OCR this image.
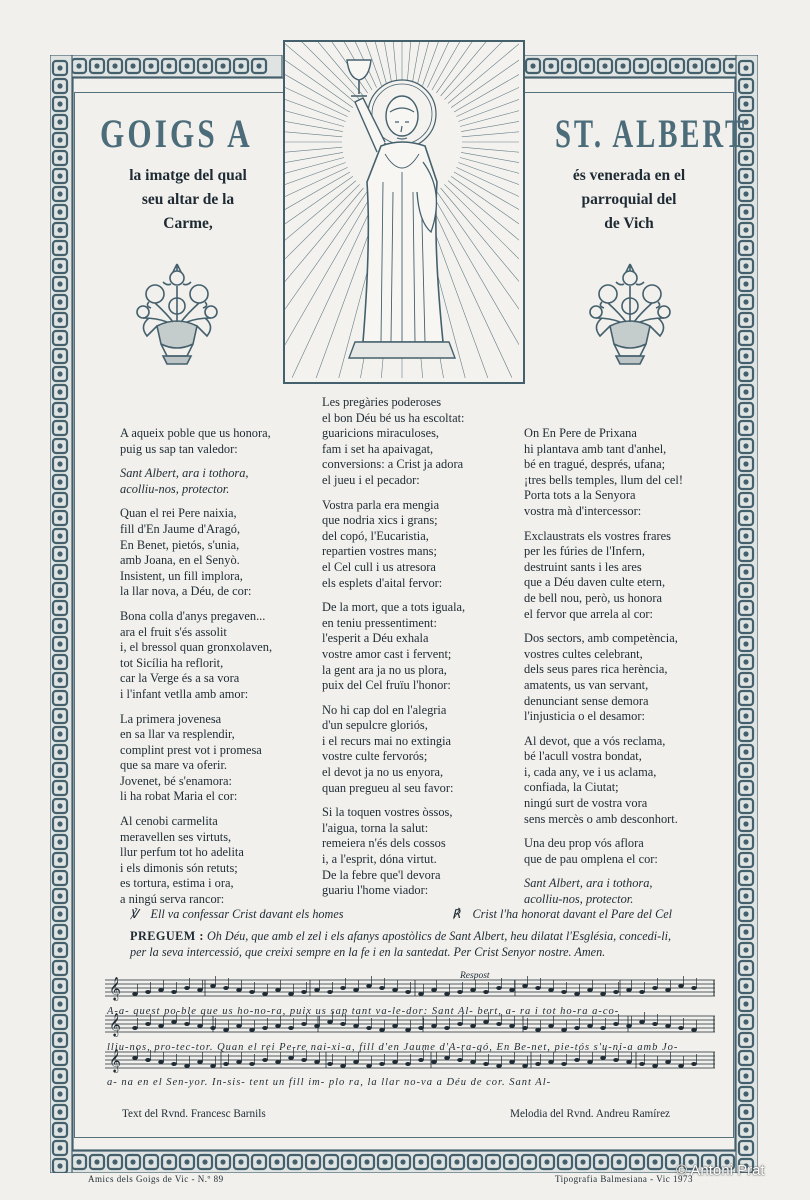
GOIGS A	ST. ALBERT
la imatge del qual
seu altar de la
Carme,
és venerada en el
parroquial del
de Vich

A aqueix poble que us honora,

puig us sap tan valedor:

Sant Albert, ara i tothora,

acolliu-nos, protector.

Quan el rei Pere naixia,

fill d'En Jaume d'Aragó,

En Benet, pietós, s'unia,

amb Joana, en el Senyò.

Insistent, un fill implora,

la llar nova, a Déu, de cor:

Bona colla d'anys pregaven...

ara el fruit s'és assolit

i, el bressol quan gronxolaven,

tot Sicília ha reflorit,

car la Verge és a sa vora

i l'infant vetlla amb amor:

La primera jovenesa

en sa llar va resplendir,

complint prest vot i promesa

que sa mare va oferir.

Jovenet, bé s'enamora:

li ha robat Maria el cor:

Al cenobi carmelita

meravellen ses virtuts,

llur perfum tot ho adelita

i els dimonis són retuts;

es tortura, estima i ora,

a ningú serva rancor:

Les pregàries poderoses

el bon Déu bé us ha escoltat:

guaricions miraculoses,

fam i set ha apaivagat,

conversions: a Crist ja adora

el jueu i el pecador:

Vostra parla era mengia

que nodria xics i grans;

del copó, l'Eucaristia,

repartien vostres mans;

el Cel cull i us atresora

els esplets d'aital fervor:

De la mort, que a tots iguala,

en teniu pressentiment:

l'esperit a Déu exhala

vostre amor cast i fervent;

la gent ara ja no us plora,

puix del Cel fruïu l'honor:

No hi cap dol en l'alegria

d'un sepulcre gloriós,

i el recurs mai no extingia

vostre culte fervorós;

el devot ja no us enyora,

quan pregueu al seu favor:

Si la toquen vostres òssos,

l'aigua, torna la salut:

remeiera n'és dels cossos

i, a l'esprit, dóna virtut.

De la febre que'l devora

guariu l'home viador:

On En Pere de Prixana

hi plantava amb tant d'anhel,

bé en tragué, després, ufana;

¡tres bells temples, llum del cel!

Porta tots a la Senyora

vostra mà d'intercessor:

Exclaustrats els vostres frares

per les fúries de l'Infern,

destruint sants i les ares

que a Déu daven culte etern,

de bell nou, però, us honora

el fervor que arrela al cor:

Dos sectors, amb competència,

vostres cultes celebrant,

dels seus pares rica herència,

amatents, us van servant,

denunciant sense demora

l'injusticia o el desamor:

Al devot, que a vós reclama,

bé l'acull vostra bondat,

i, cada any, ve i us aclama,

confiada, la Ciutat;

ningú surt de vostra vora

sens mercès o amb desconhort.

Una deu prop vós aflora

que de pau omplena el cor:

Sant Albert, ara i tothora,

acolliu-nos, protector.

℣ Ell va confessar Crist davant els homes	℟ Crist l'ha honorat davant el Pare del Cel
PREGUEM : Oh Déu, que amb el zel i els afanys apostòlics de Sant Albert, heu dilatat l'Església, concedi-li, per la seva intercessió, que creixi sempre en la fe i en la santedat. Per Crist Senyor nostre. Amen.
Respost
𝄞
𝄞
𝄞
A-a- quest po-ble que us ho-no-ra, puix us sap tant va-le-dor: Sant Al- bert, a- ra i tot ho-ra a-co-
lliu-nos, pro-tec-tor. Quan el rei Pe-re nai-xi-a, fill d'en Jaume d'A-ra-gó, En Be-net, pie-tós s'u-ni-a amb Jo-
a- na en el Sen-yor. In-sis- tent un fill im- plo ra, la llar no-va a Déu de cor. Sant Al-
Text del Rvnd. Francesc Barnils	Melodia del Rvnd. Andreu Ramírez
Amics dels Goigs de Vic - N.º 89	Tipografia Balmesiana - Vic 1973
© Antoni Prat
